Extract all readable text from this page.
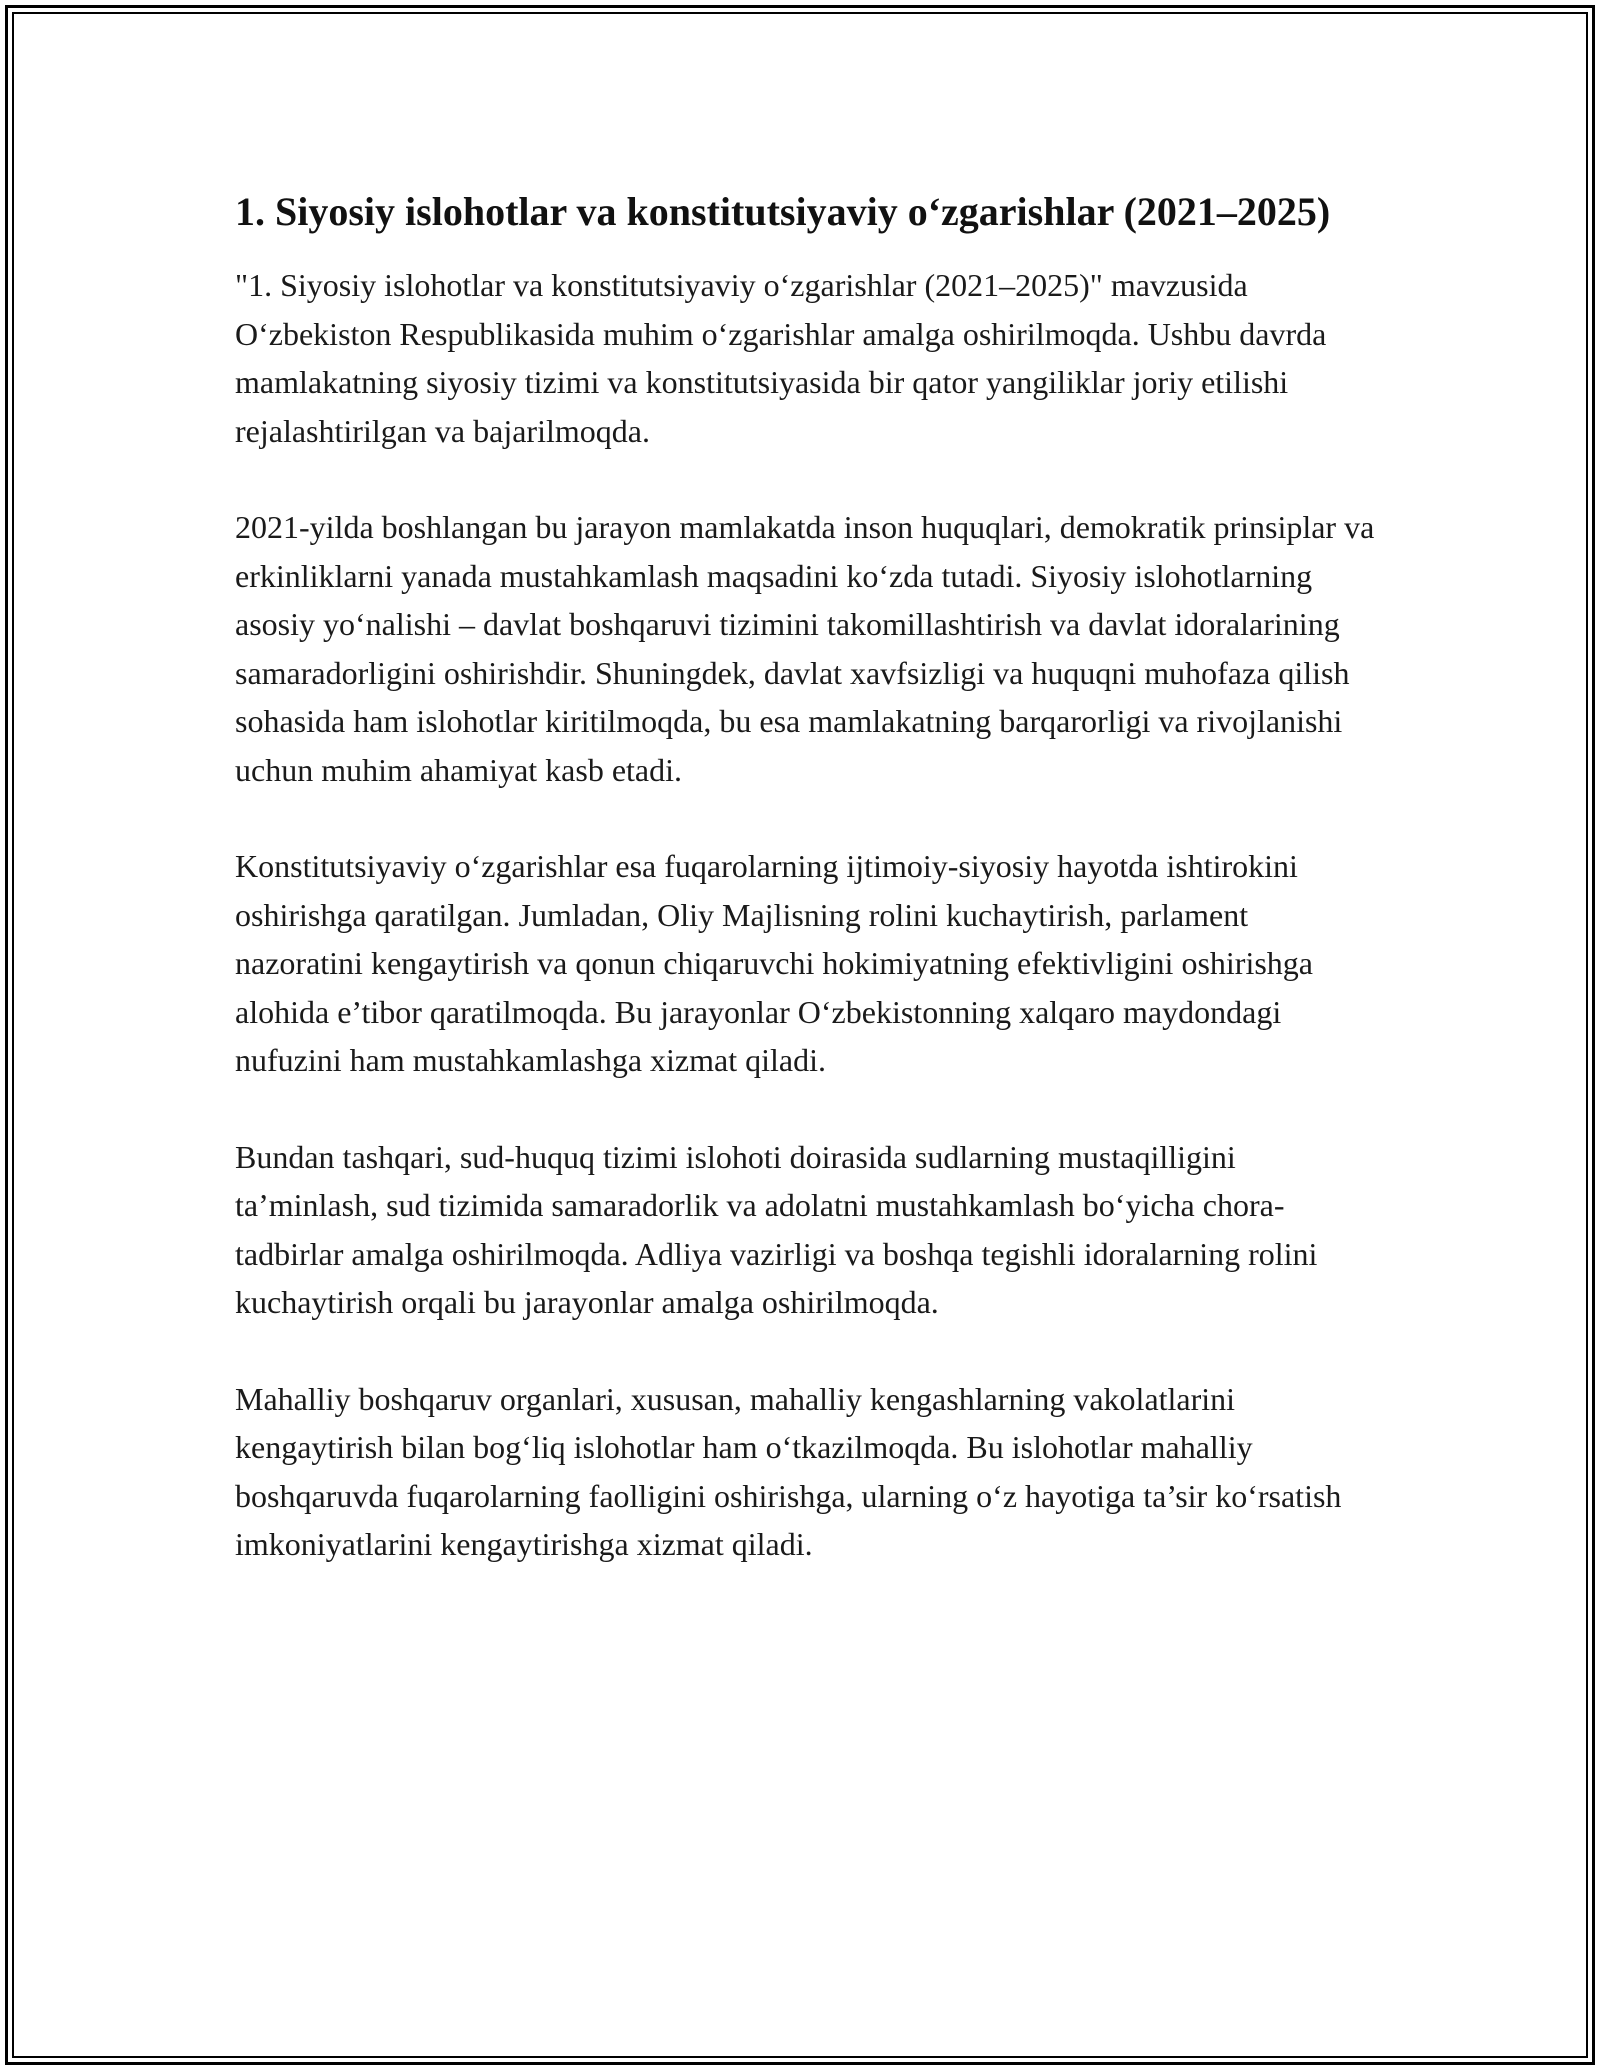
1. Siyosiy islohotlar va konstitutsiyaviy o‘zgarishlar (2021–2025)

"1. Siyosiy islohotlar va konstitutsiyaviy o‘zgarishlar (2021–2025)" mavzusida O‘zbekiston Respublikasida muhim o‘zgarishlar amalga oshirilmoqda. Ushbu davrda mamlakatning siyosiy tizimi va konstitutsiyasida bir qator yangiliklar joriy etilishi rejalashtirilgan va bajarilmoqda.

2021-yilda boshlangan bu jarayon mamlakatda inson huquqlari, demokratik prinsiplar va erkinliklarni yanada mustahkamlash maqsadini ko‘zda tutadi. Siyosiy islohotlarning asosiy yo‘nalishi – davlat boshqaruvi tizimini takomillashtirish va davlat idoralarining samaradorligini oshirishdir. Shuningdek, davlat xavfsizligi va huquqni muhofaza qilish sohasida ham islohotlar kiritilmoqda, bu esa mamlakatning barqarorligi va rivojlanishi uchun muhim ahamiyat kasb etadi.

Konstitutsiyaviy o‘zgarishlar esa fuqarolarning ijtimoiy-siyosiy hayotda ishtirokini oshirishga qaratilgan. Jumladan, Oliy Majlisning rolini kuchaytirish, parlament nazoratini kengaytirish va qonun chiqaruvchi hokimiyatning efektivligini oshirishga alohida e’tibor qaratilmoqda. Bu jarayonlar O‘zbekistonning xalqaro maydondagi nufuzini ham mustahkamlashga xizmat qiladi.

Bundan tashqari, sud-huquq tizimi islohoti doirasida sudlarning mustaqilligini ta’minlash, sud tizimida samaradorlik va adolatni mustahkamlash bo‘yicha chora-tadbirlar amalga oshirilmoqda. Adliya vazirligi va boshqa tegishli idoralarning rolini kuchaytirish orqali bu jarayonlar amalga oshirilmoqda.

Mahalliy boshqaruv organlari, xususan, mahalliy kengashlarning vakolatlarini kengaytirish bilan bog‘liq islohotlar ham o‘tkazilmoqda. Bu islohotlar mahalliy boshqaruvda fuqarolarning faolligini oshirishga, ularning o‘z hayotiga ta’sir ko‘rsatish imkoniyatlarini kengaytirishga xizmat qiladi.
